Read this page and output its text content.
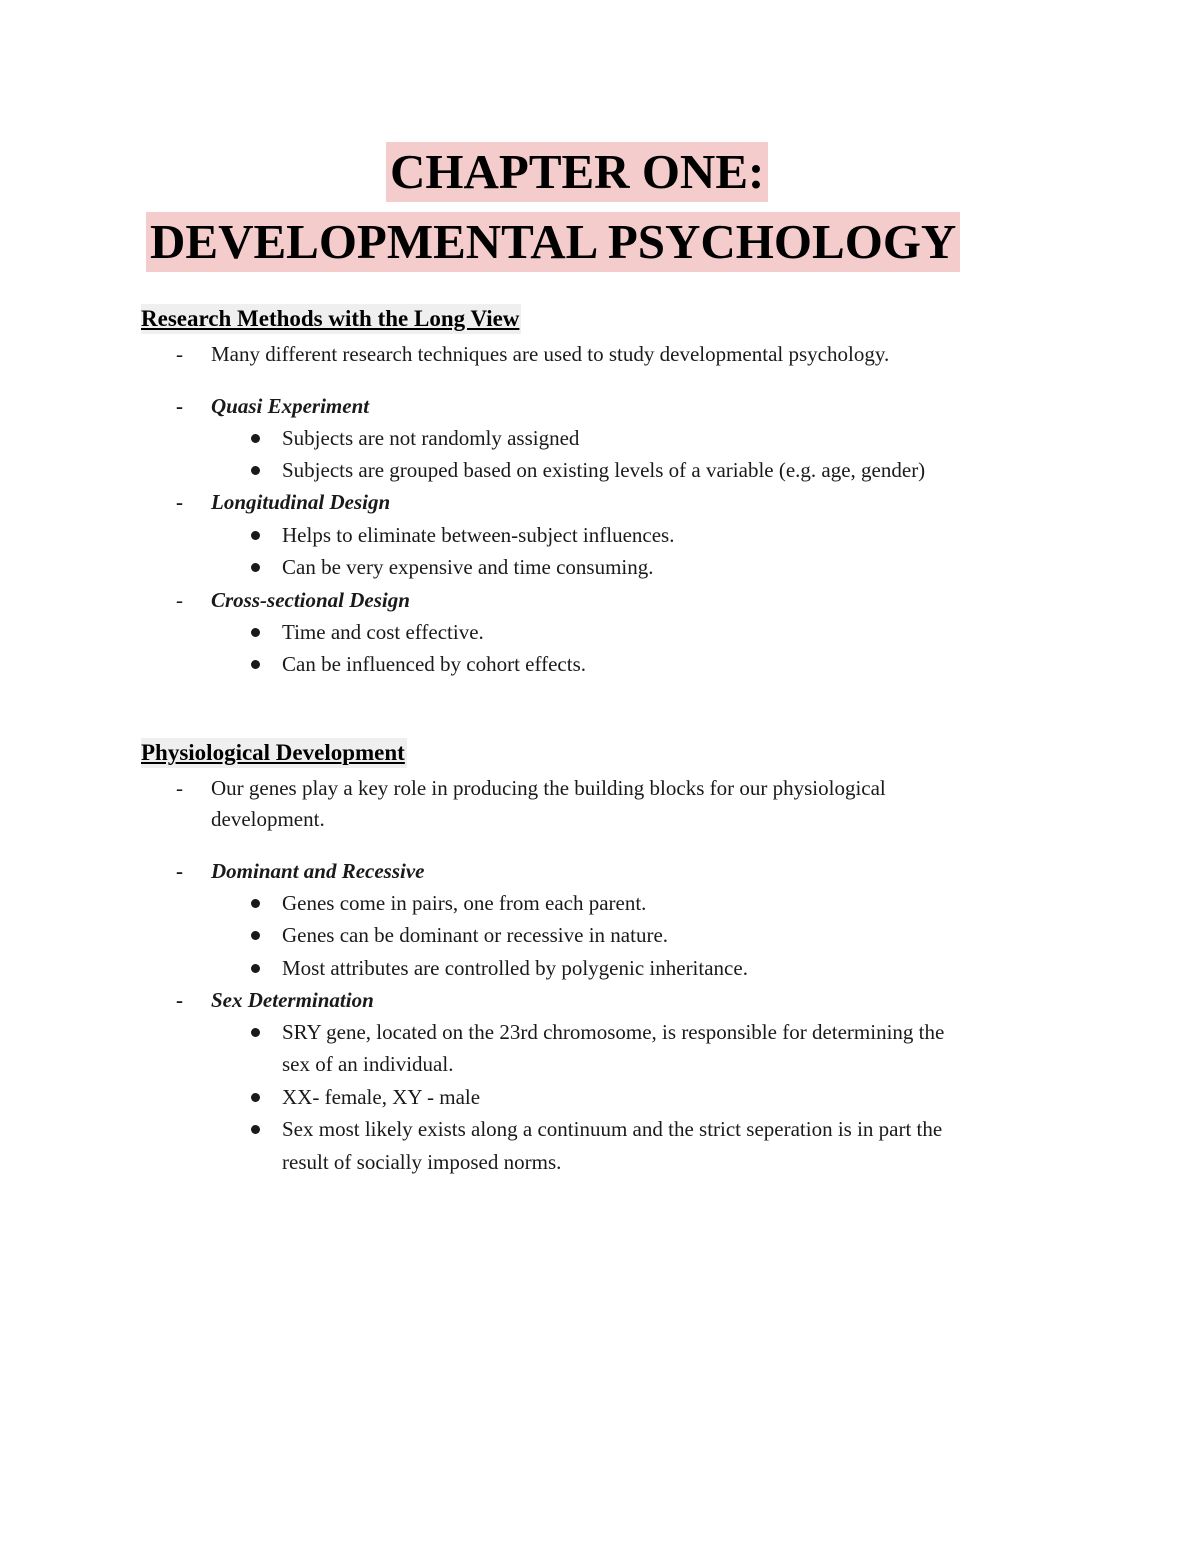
CHAPTER ONE:
DEVELOPMENTAL PSYCHOLOGY
Research Methods with the Long View
- Many different research techniques are used to study developmental psychology.
- Quasi Experiment
Subjects are not randomly assigned
Subjects are grouped based on existing levels of a variable (e.g. age, gender)
- Longitudinal Design
Helps to eliminate between-subject influences.
Can be very expensive and time consuming.
- Cross-sectional Design
Time and cost effective.
Can be influenced by cohort effects.
Physiological Development
- Our genes play a key role in producing the building blocks for our physiological
development.
- Dominant and Recessive
Genes come in pairs, one from each parent.
Genes can be dominant or recessive in nature.
Most attributes are controlled by polygenic inheritance.
- Sex Determination
SRY gene, located on the 23rd chromosome, is responsible for determining the
sex of an individual.
XX- female, XY - male
Sex most likely exists along a continuum and the strict seperation is in part the
result of socially imposed norms.
